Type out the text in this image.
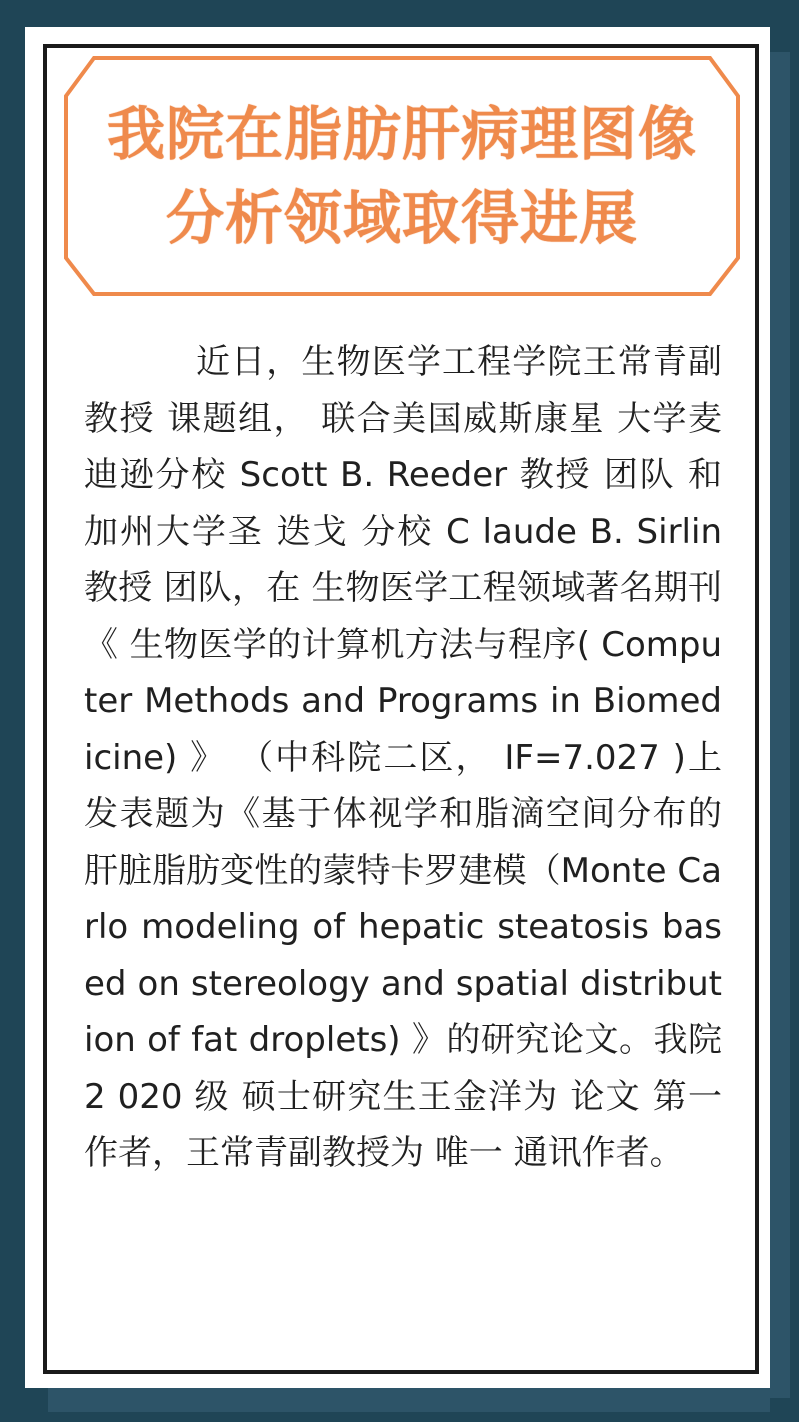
我院在脂肪肝病理图像分析领域取得进展
近日，生物医学工程学院王常青副教授 课题组， 联合美国威斯康星 大学麦迪逊分校 Scott B. Reeder 教授 团队 和 加州大学圣 迭戈 分校 C laude B. Sirlin 教授 团队，在 生物医学工程领域著名期刊 《 生物医学的计算机方法与程序( Computer Methods and Programs in Biomedicine) 》 （中科院二区， IF=7.027 )上发表题为《基于体视学和脂滴空间分布的肝脏脂肪变性的蒙特卡罗建模（Monte Carlo modeling of hepatic steatosis based on stereology and spatial distribution of fat droplets) 》的研究论文。我院2 020 级 硕士研究生王金洋为 论文 第一作者，王常青副教授为 唯一 通讯作者。
